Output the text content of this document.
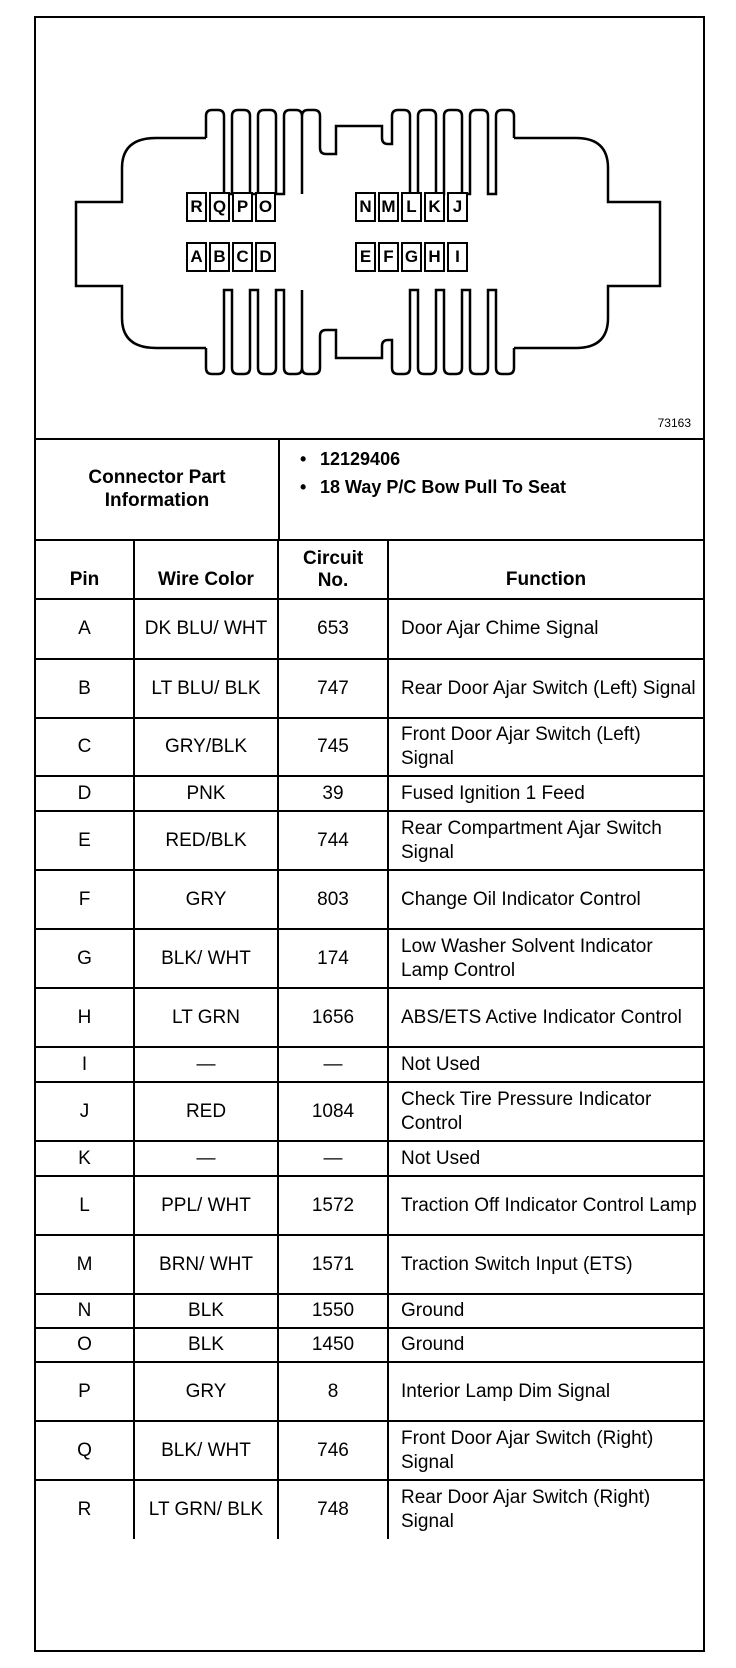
R Q P O	N M L K J
A B C D	E F G H I
73163
Connector Part Information
• 12129406
• 18 Way P/C Bow Pull To Seat
Pin	Wire Color	Circuit No.	Function
A	DK BLU/ WHT	653	Door Ajar Chime Signal
B	LT BLU/ BLK	747	Rear Door Ajar Switch (Left) Signal
C	GRY/BLK	745	Front Door Ajar Switch (Left) Signal
D	PNK	39	Fused Ignition 1 Feed
E	RED/BLK	744	Rear Compartment Ajar Switch Signal
F	GRY	803	Change Oil Indicator Control
G	BLK/ WHT	174	Low Washer Solvent Indicator Lamp Control
H	LT GRN	1656	ABS/ETS Active Indicator Control
I	—	—	Not Used
J	RED	1084	Check Tire Pressure Indicator Control
K	—	—	Not Used
L	PPL/ WHT	1572	Traction Off Indicator Control Lamp
M	BRN/ WHT	1571	Traction Switch Input (ETS)
N	BLK	1550	Ground
O	BLK	1450	Ground
P	GRY	8	Interior Lamp Dim Signal
Q	BLK/ WHT	746	Front Door Ajar Switch (Right) Signal
R	LT GRN/ BLK	748	Rear Door Ajar Switch (Right) Signal
